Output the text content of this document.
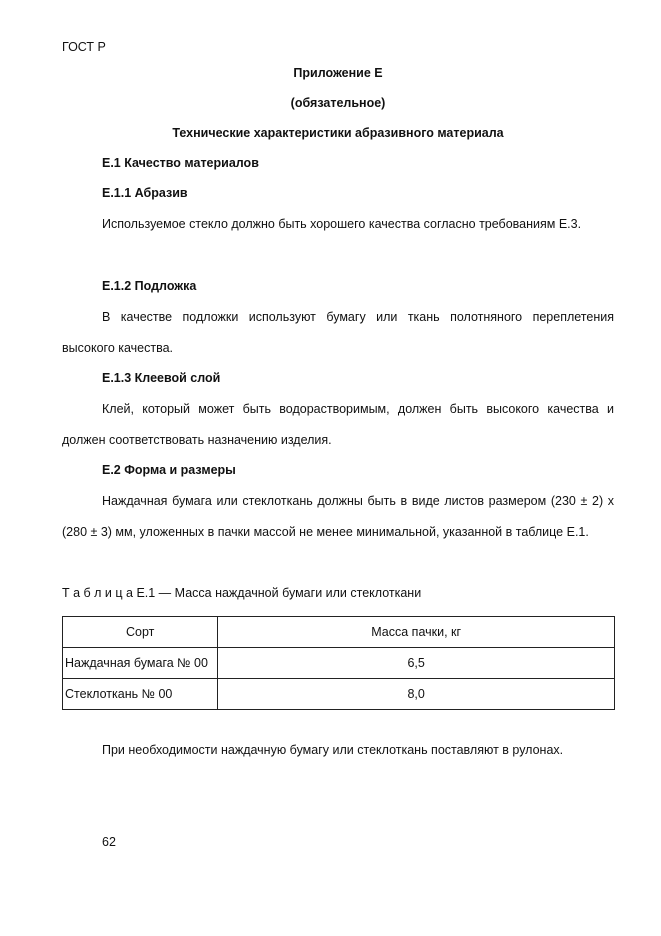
ГОСТ Р
Приложение Е
(обязательное)
Технические характеристики абразивного материала
Е.1 Качество материалов
Е.1.1 Абразив
Используемое стекло должно быть хорошего качества согласно требованиям Е.3.
Е.1.2 Подложка
В качестве подложки используют бумагу или ткань полотняного переплетения высокого качества.
Е.1.3 Клеевой слой
Клей, который может быть водорастворимым, должен быть высокого качества и должен соответствовать назначению изделия.
Е.2 Форма и размеры
Наждачная бумага или стеклоткань должны быть в виде листов размером (230 ± 2) х (280 ± 3) мм, уложенных в пачки массой не менее минимальной, указанной в таблице Е.1.
Т а б л и ц а Е.1 — Масса наждачной бумаги или стеклоткани
Сорт	Масса пачки, кг
Наждачная бумага № 00	6,5
Стеклоткань № 00	8,0
При необходимости наждачную бумагу или стеклоткань поставляют в рулонах.
62
